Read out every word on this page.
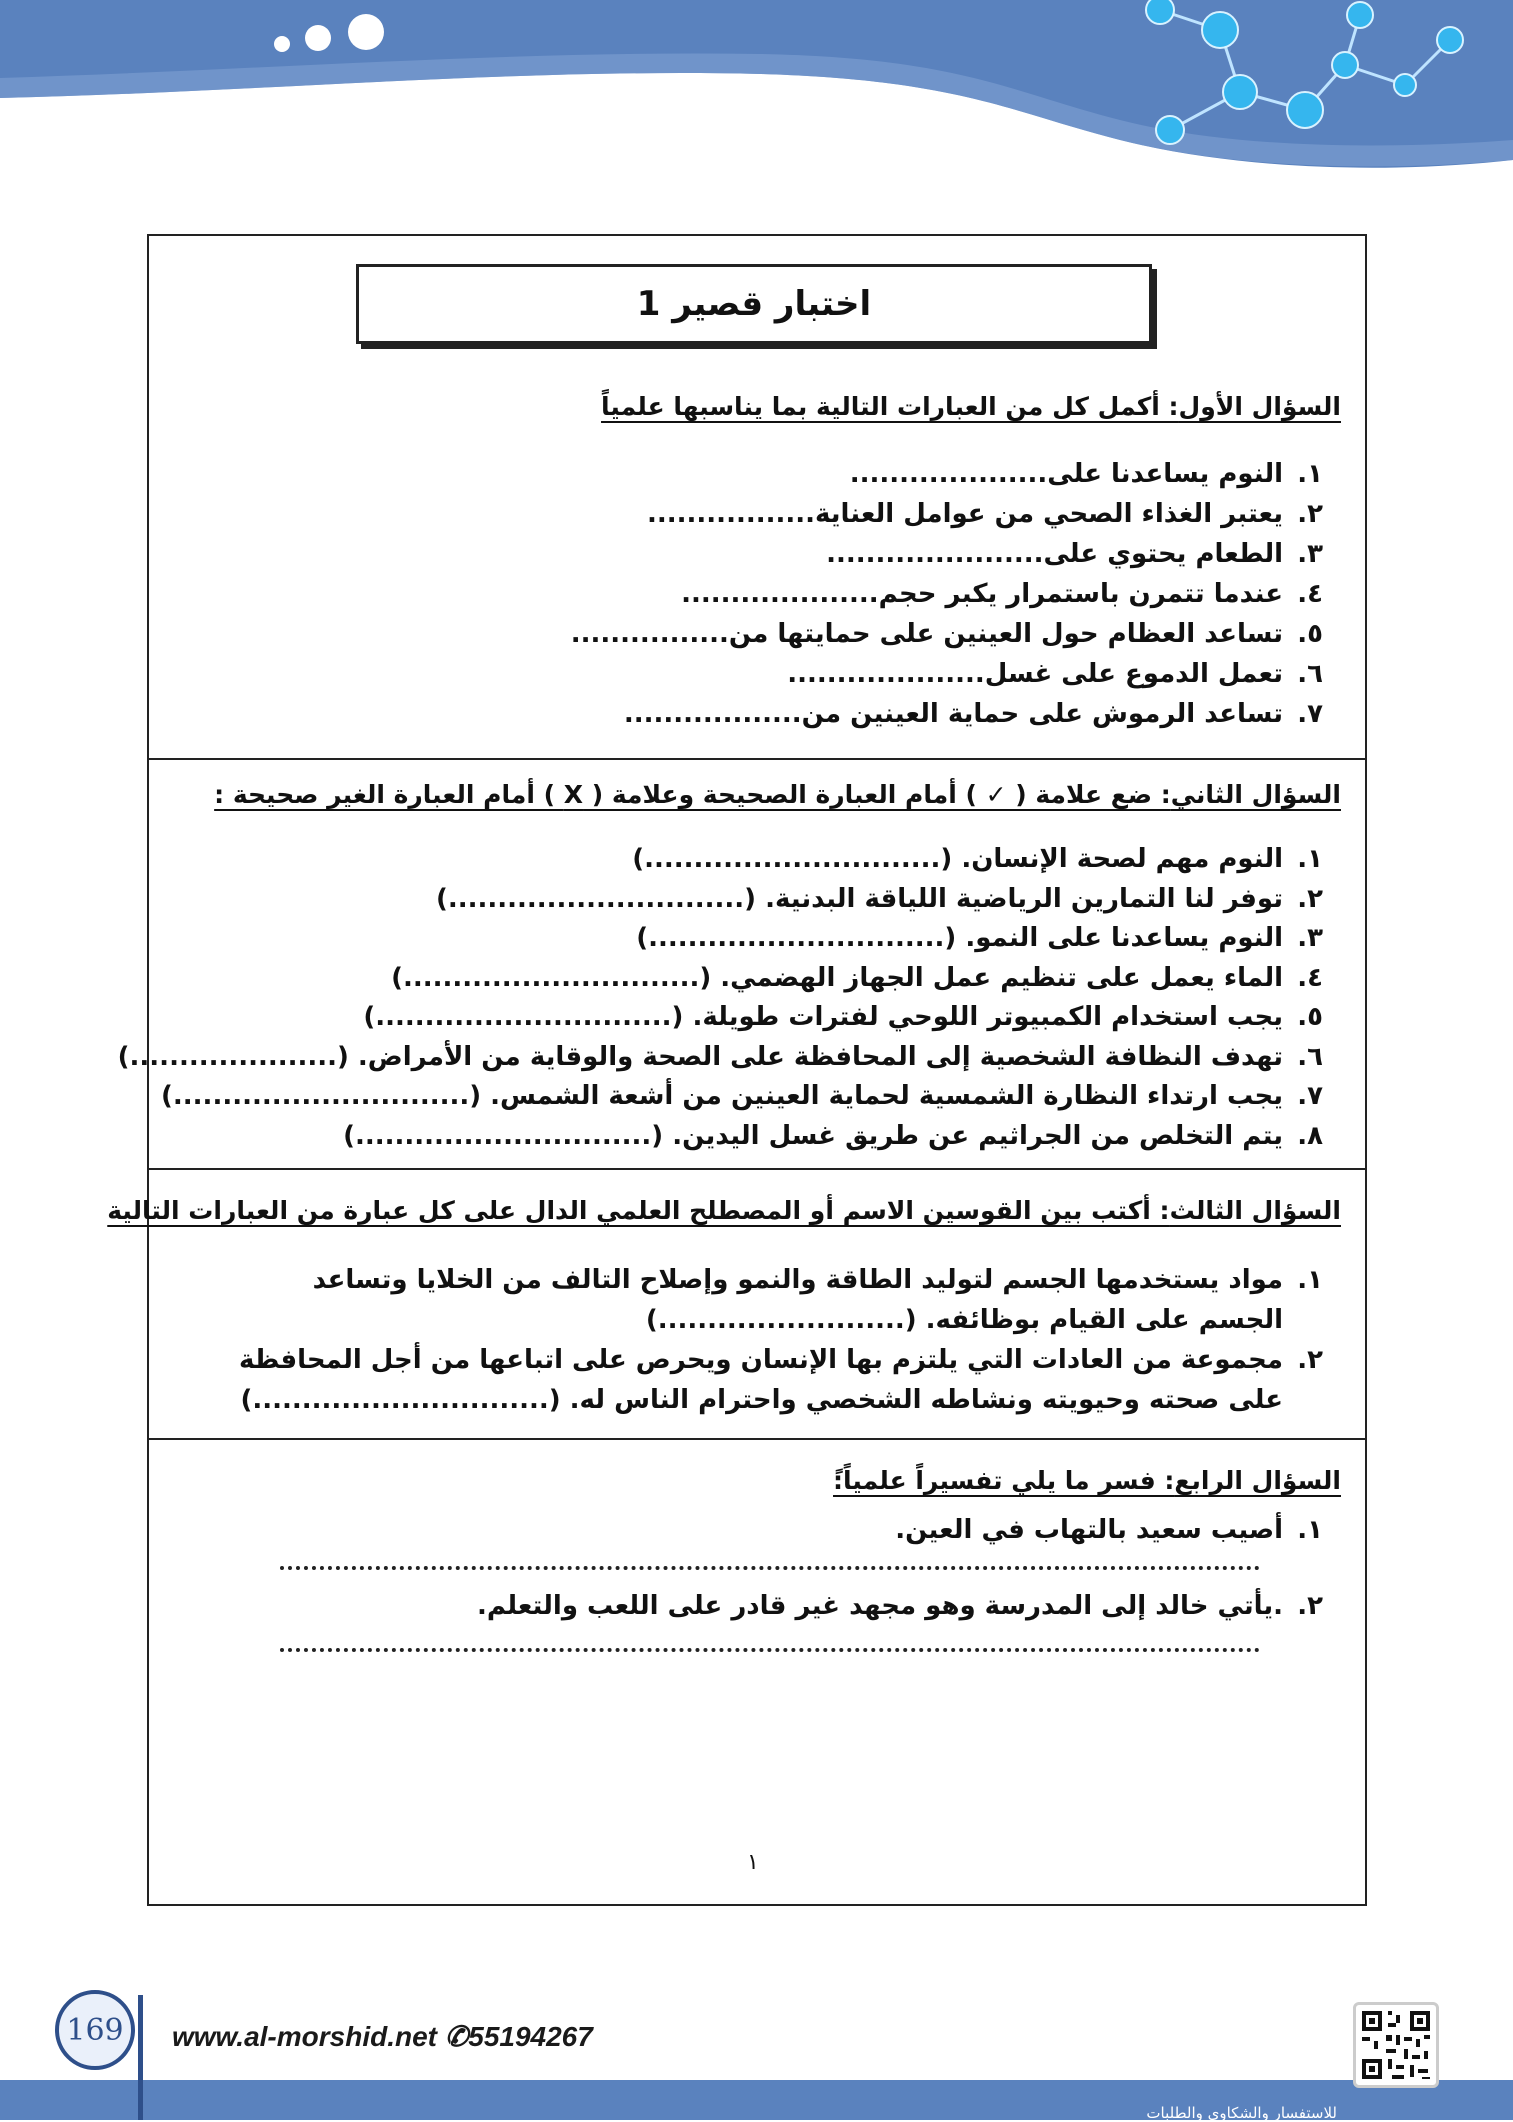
اختبار قصير 1
السؤال الأول: أكمل كل من العبارات التالية بما يناسبها علمياً
١.النوم يساعدنا على....................
٢.يعتبر الغذاء الصحي من عوامل العناية.................
٣.الطعام يحتوي على......................
٤.عندما تتمرن باستمرار يكبر حجم....................
٥.تساعد العظام حول العينين على حمايتها من................
٦.تعمل الدموع على غسل....................
٧.تساعد الرموش على حماية العينين من..................
السؤال الثاني: ضع علامة ( ✓ ) أمام العبارة الصحيحة وعلامة ( X ) أمام العبارة الغير صحيحة :
١.النوم مهم لصحة الإنسان. (..............................)
٢.توفر لنا التمارين الرياضية اللياقة البدنية. (..............................)
٣.النوم يساعدنا على النمو. (..............................)
٤.الماء يعمل على تنظيم عمل الجهاز الهضمي. (..............................)
٥.يجب استخدام الكمبيوتر اللوحي لفترات طويلة. (..............................)
٦.تهدف النظافة الشخصية إلى المحافظة على الصحة والوقاية من الأمراض. (.....................)
٧.يجب ارتداء النظارة الشمسية لحماية العينين من أشعة الشمس. (..............................)
٨.يتم التخلص من الجراثيم عن طريق غسل اليدين. (..............................)
السؤال الثالث: أكتب بين القوسين الاسم أو المصطلح العلمي الدال على كل عبارة من العبارات التالية
١.
مواد يستخدمها الجسم لتوليد الطاقة والنمو وإصلاح التالف من الخلايا وتساعد الجسم على القيام بوظائفه. (.........................)
٢.
مجموعة من العادات التي يلتزم بها الإنسان ويحرص على اتباعها من أجل المحافظة على صحته وحيويته ونشاطه الشخصي واحترام الناس له. (..............................)
السؤال الرابع: فسر ما يلي تفسيراً علمياً:ً
١.أصيب سعيد بالتهاب في العين.
٢..يأتي خالد إلى المدرسة وهو مجهد غير قادر على اللعب والتعلم.
١
169	www.al-morshid.net ✆55194267
للاستفسار والشكاوى والطلبات
